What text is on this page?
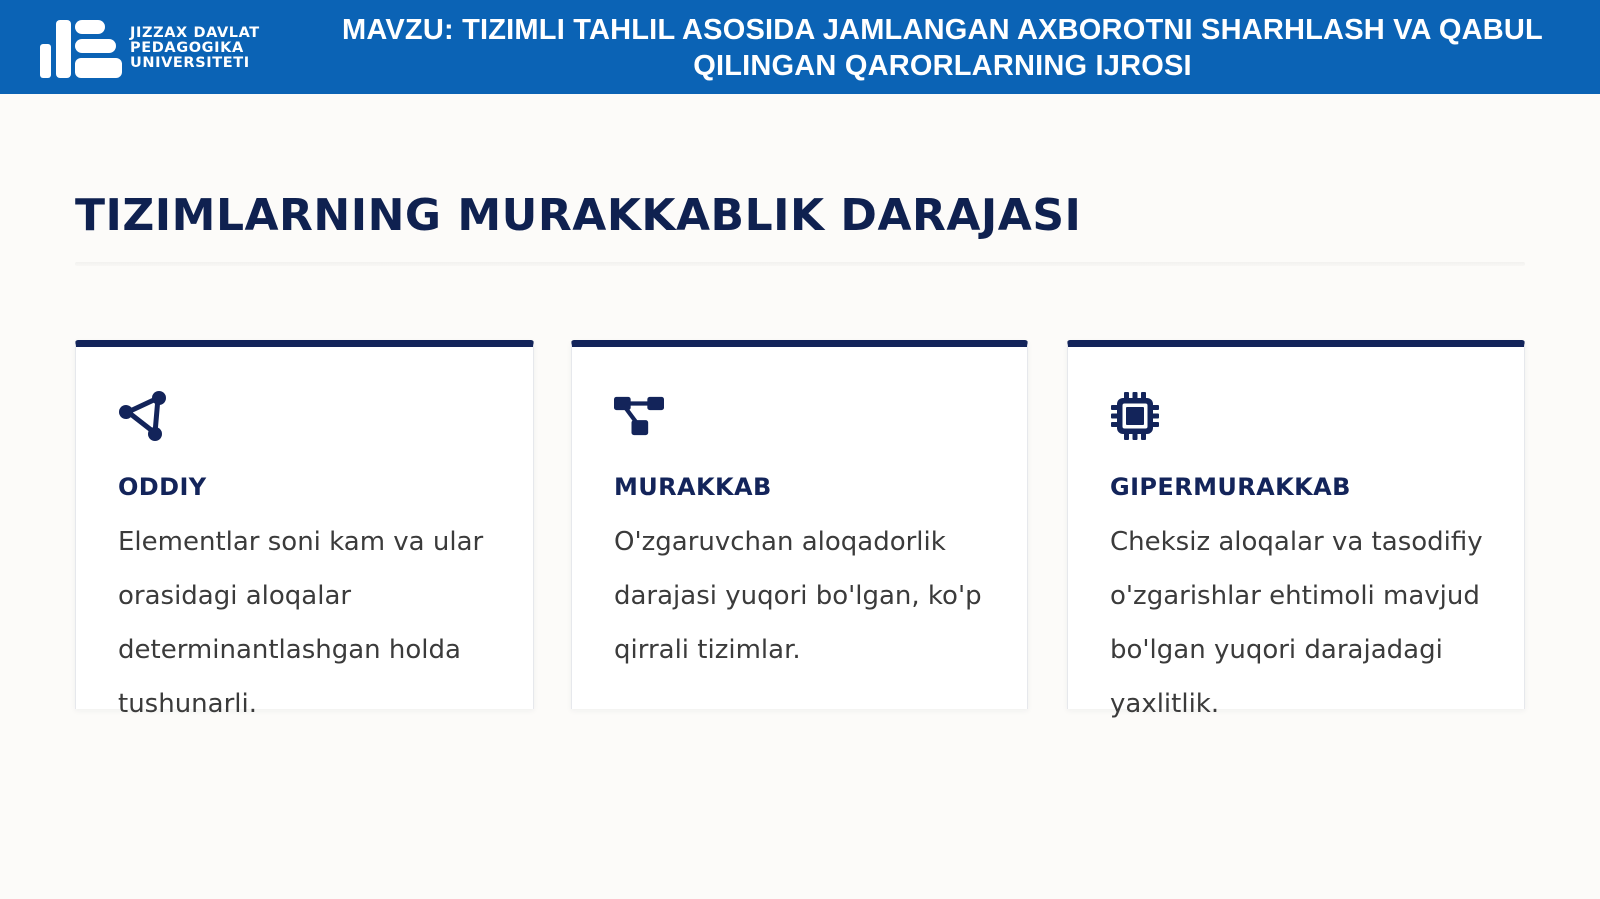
JIZZAX DAVLAT
PEDAGOGIKA
UNIVERSITETI
MAVZU: TIZIMLI TAHLIL ASOSIDA JAMLANGAN AXBOROTNI SHARHLASH VA QABUL QILINGAN QARORLARNING IJROSI
TIZIMLARNING MURAKKABLIK DARAJASI
ODDIY
Elementlar soni kam va ular orasidagi aloqalar determinantlashgan holda tushunarli.
MURAKKAB
O'zgaruvchan aloqadorlik darajasi yuqori bo'lgan, ko'p qirrali tizimlar.
GIPERMURAKKAB
Cheksiz aloqalar va tasodifiy o'zgarishlar ehtimoli mavjud bo'lgan yuqori darajadagi yaxlitlik.
